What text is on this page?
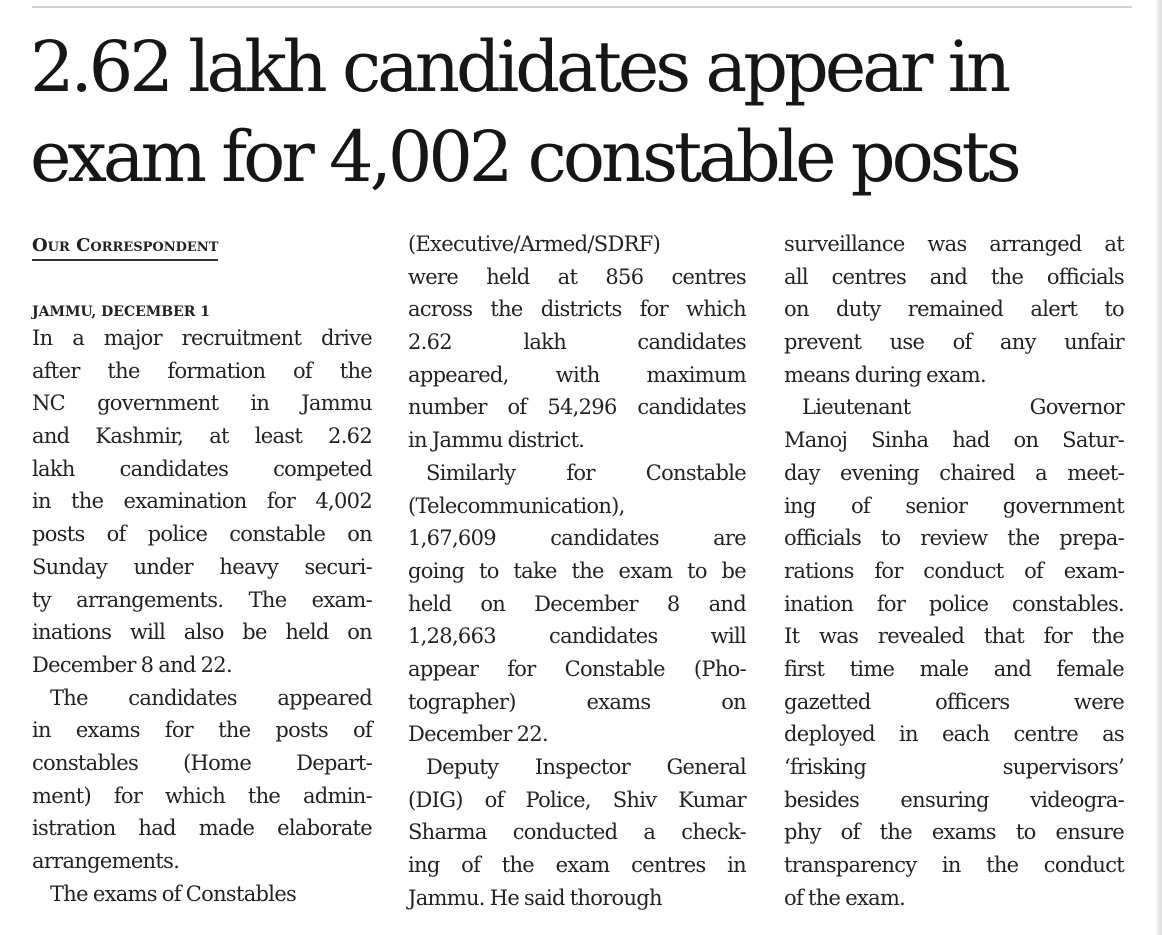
2.62 lakh candidates appear in
exam for 4,002 constable posts
Our Correspondent
JAMMU, DECEMBER 1
In a major recruitment drive
after the formation of the
NC government in Jammu
and Kashmir, at least 2.62
lakh candidates competed
in the examination for 4,002
posts of police constable on
Sunday under heavy securi-
ty arrangements. The exam-
inations will also be held on
December 8 and 22.
The candidates appeared
in exams for the posts of
constables (Home Depart-
ment) for which the admin-
istration had made elaborate
arrangements.
The exams of Constables
(Executive/Armed/SDRF)
were held at 856 centres
across the districts for which
2.62 lakh candidates
appeared, with maximum
number of 54,296 candidates
in Jammu district.
Similarly for Constable
(Telecommunication),
1,67,609 candidates are
going to take the exam to be
held on December 8 and
1,28,663 candidates will
appear for Constable (Pho-
tographer) exams on
December 22.
Deputy Inspector General
(DIG) of Police, Shiv Kumar
Sharma conducted a check-
ing of the exam centres in
Jammu. He said thorough
surveillance was arranged at
all centres and the officials
on duty remained alert to
prevent use of any unfair
means during exam.
Lieutenant Governor
Manoj Sinha had on Satur-
day evening chaired a meet-
ing of senior government
officials to review the prepa-
rations for conduct of exam-
ination for police constables.
It was revealed that for the
first time male and female
gazetted officers were
deployed in each centre as
‘frisking supervisors’
besides ensuring videogra-
phy of the exams to ensure
transparency in the conduct
of the exam.
